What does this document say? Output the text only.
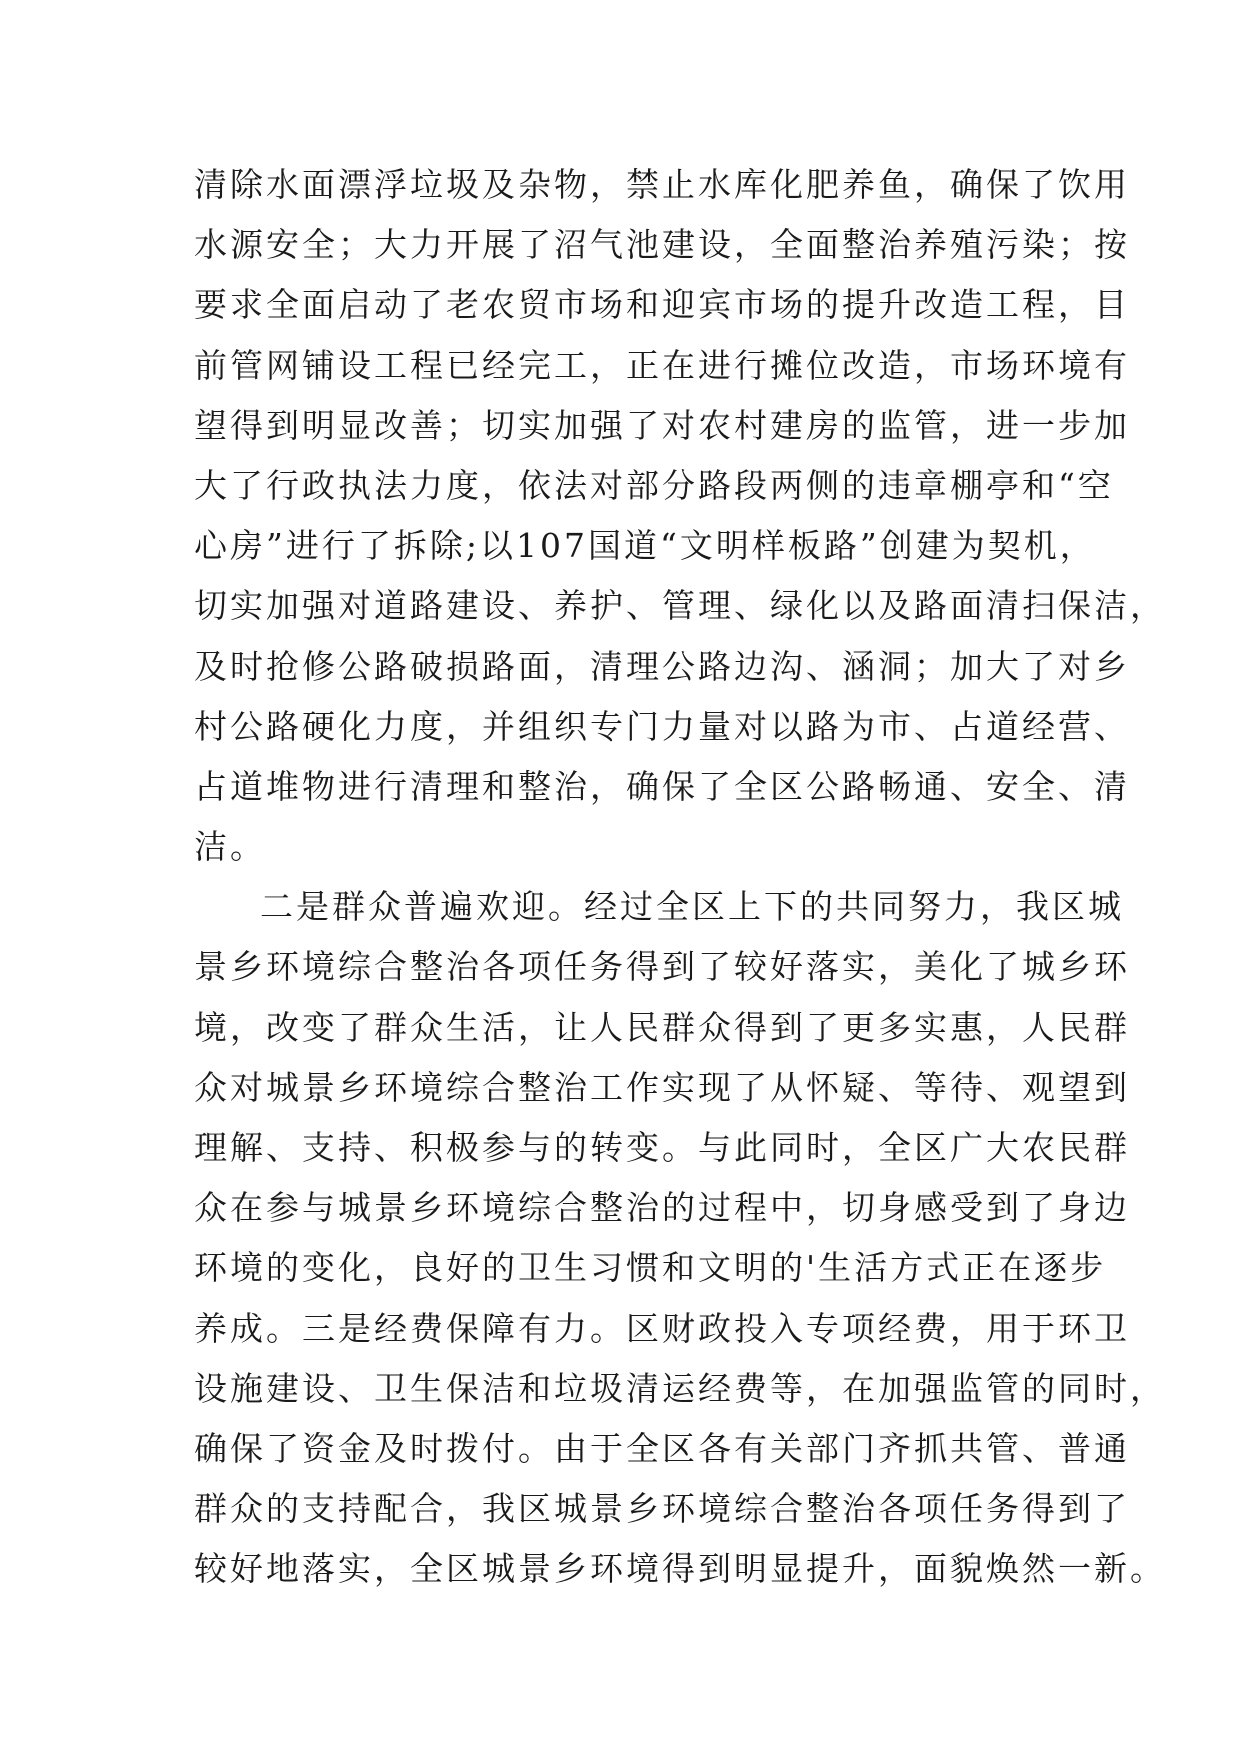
清除水面漂浮垃圾及杂物，禁止水库化肥养鱼，确保了饮用
水源安全；大力开展了沼气池建设，全面整治养殖污染；按
要求全面启动了老农贸市场和迎宾市场的提升改造工程，目
前管网铺设工程已经完工，正在进行摊位改造，市场环境有
望得到明显改善；切实加强了对农村建房的监管，进一步加
大了行政执法力度，依法对部分路段两侧的违章棚亭和“空
心房”进行了拆除;以107国道“文明样板路”创建为契机，
切实加强对道路建设、养护、管理、绿化以及路面清扫保洁，
及时抢修公路破损路面，清理公路边沟、涵洞；加大了对乡
村公路硬化力度，并组织专门力量对以路为市、占道经营、
占道堆物进行清理和整治，确保了全区公路畅通、安全、清
洁。
二是群众普遍欢迎。经过全区上下的共同努力，我区城
景乡环境综合整治各项任务得到了较好落实，美化了城乡环
境，改变了群众生活，让人民群众得到了更多实惠，人民群
众对城景乡环境综合整治工作实现了从怀疑、等待、观望到
理解、支持、积极参与的转变。与此同时，全区广大农民群
众在参与城景乡环境综合整治的过程中，切身感受到了身边
环境的变化，良好的卫生习惯和文明的'生活方式正在逐步
养成。三是经费保障有力。区财政投入专项经费，用于环卫
设施建设、卫生保洁和垃圾清运经费等，在加强监管的同时，
确保了资金及时拨付。由于全区各有关部门齐抓共管、普通
群众的支持配合，我区城景乡环境综合整治各项任务得到了
较好地落实，全区城景乡环境得到明显提升，面貌焕然一新。
